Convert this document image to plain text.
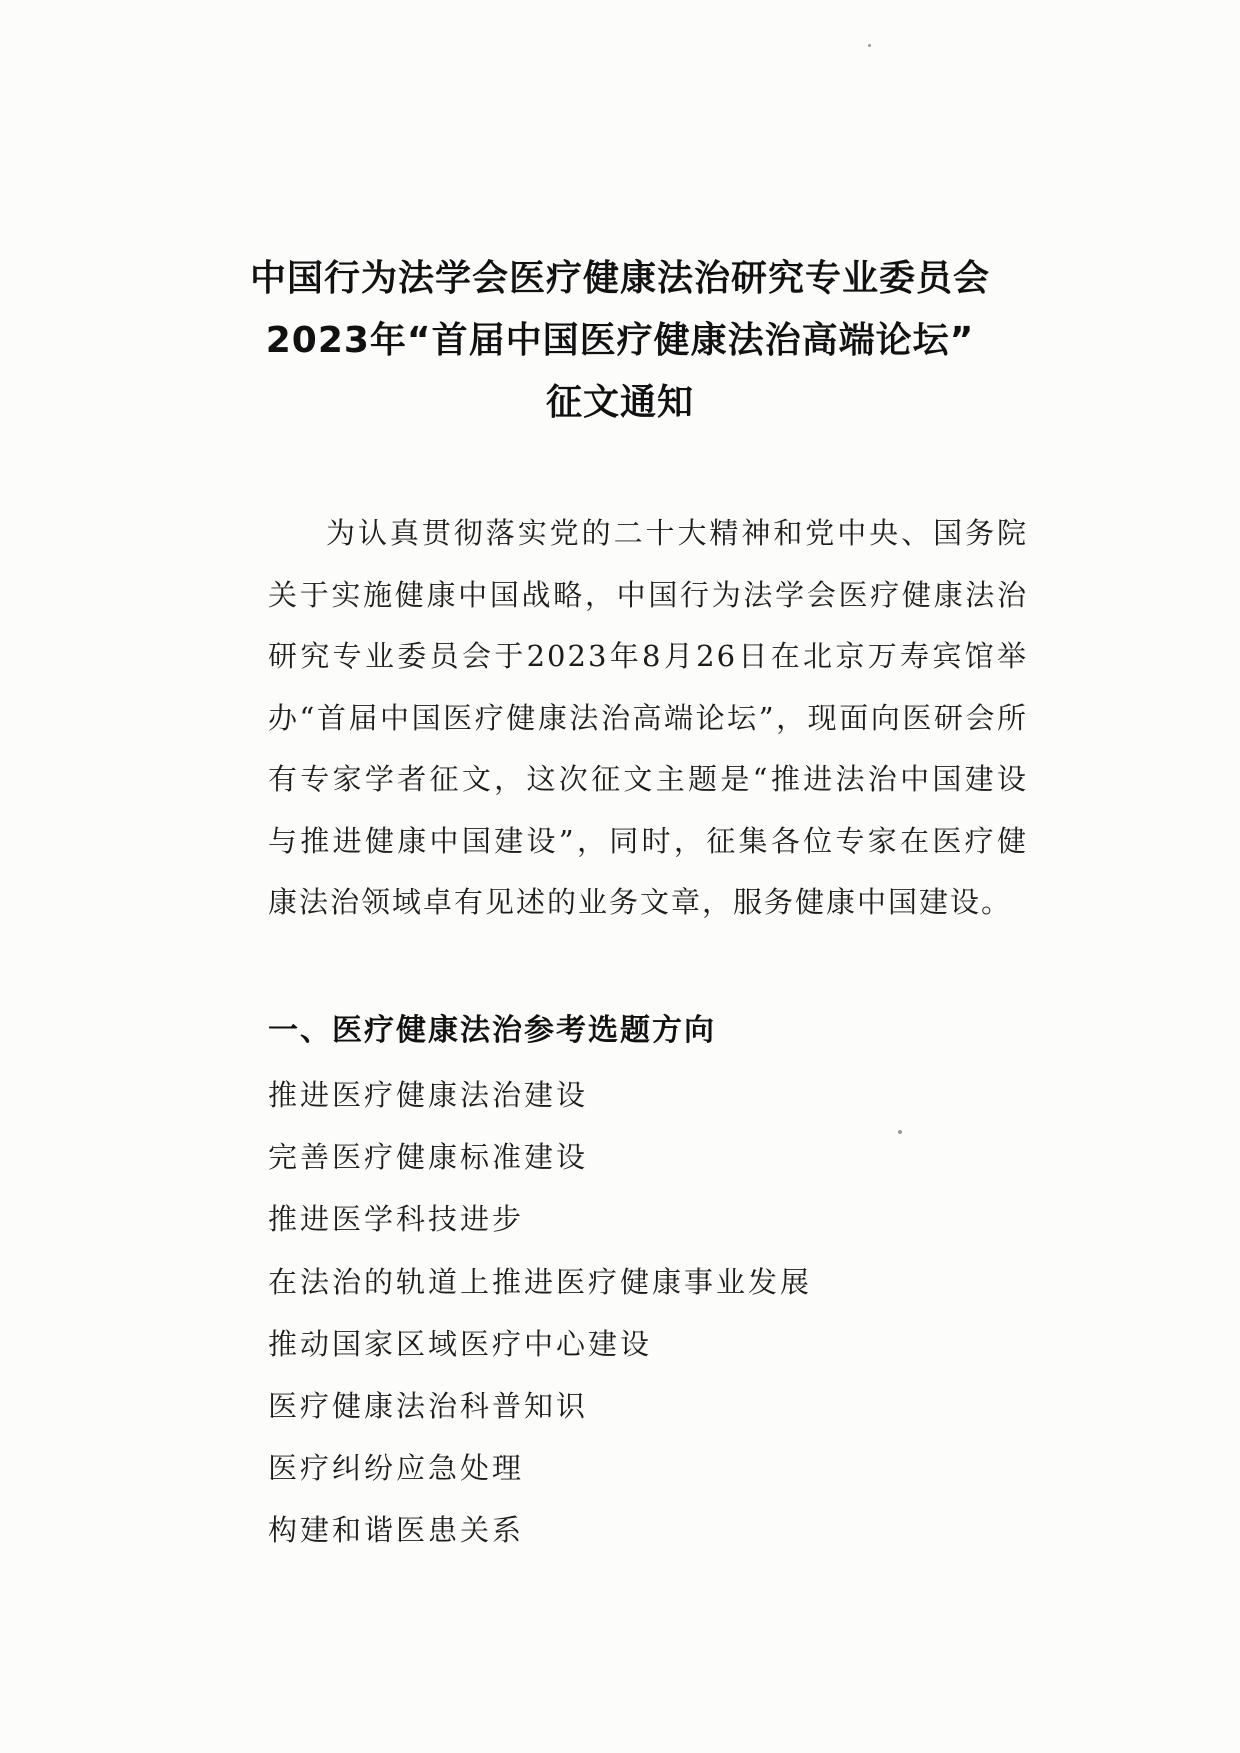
中国行为法学会医疗健康法治研究专业委员会
2023年“首届中国医疗健康法治高端论坛”
征文通知
为认真贯彻落实党的二十大精神和党中央、国务院关于实施健康中国战略，中国行为法学会医疗健康法治研究专业委员会于2023年8月26日在北京万寿宾馆举办“首届中国医疗健康法治高端论坛”，现面向医研会所有专家学者征文，这次征文主题是“推进法治中国建设与推进健康中国建设”，同时，征集各位专家在医疗健康法治领域卓有见述的业务文章，服务健康中国建设。
一、医疗健康法治参考选题方向
推进医疗健康法治建设
完善医疗健康标准建设
推进医学科技进步
在法治的轨道上推进医疗健康事业发展
推动国家区域医疗中心建设
医疗健康法治科普知识
医疗纠纷应急处理
构建和谐医患关系
